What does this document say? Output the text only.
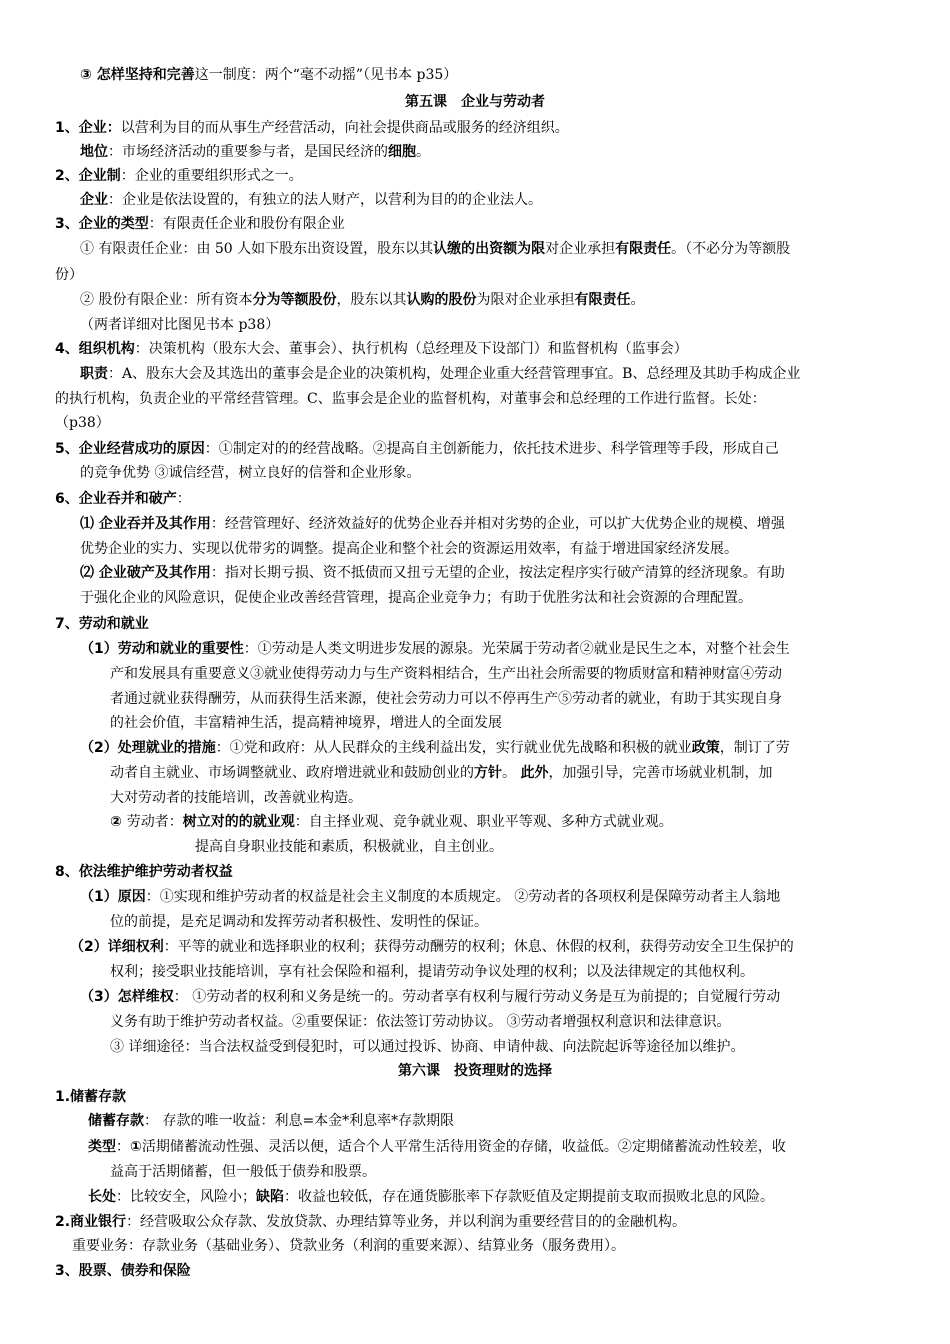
第五课　企业与劳动者
第六课　投资理财的选择
③ 怎样坚持和完善这一制度：两个“毫不动摇”（见书本 p35）
1、企业：以营利为目的而从事生产经营活动，向社会提供商品或服务的经济组织。
地位：市场经济活动的重要参与者，是国民经济的细胞。
2、企业制：企业的重要组织形式之一。
企业：企业是依法设置的，有独立的法人财产，以营利为目的的企业法人。
3、企业的类型：有限责任企业和股份有限企业
① 有限责任企业：由 50 人如下股东出资设置，股东以其认缴的出资额为限对企业承担有限责任。（不必分为等额股
份）
② 股份有限企业：所有资本分为等额股份，股东以其认购的股份为限对企业承担有限责任。
（两者详细对比图见书本 p38）
4、组织机构：决策机构（股东大会、董事会）、执行机构（总经理及下设部门）和监督机构（监事会）
职责：A、股东大会及其选出的董事会是企业的决策机构，处理企业重大经营管理事宜。B、总经理及其助手构成企业
的执行机构，负责企业的平常经营管理。C、监事会是企业的监督机构，对董事会和总经理的工作进行监督。长处：
（p38）
5、企业经营成功的原因：①制定对的的经营战略。②提高自主创新能力，依托技术进步、科学管理等手段，形成自己
的竞争优势 ③诚信经营，树立良好的信誉和企业形象。
6、企业吞并和破产：
⑴ 企业吞并及其作用：经营管理好、经济效益好的优势企业吞并相对劣势的企业，可以扩大优势企业的规模、增强
优势企业的实力、实现以优带劣的调整。提高企业和整个社会的资源运用效率，有益于增进国家经济发展。
⑵ 企业破产及其作用：指对长期亏损、资不抵债而又扭亏无望的企业，按法定程序实行破产清算的经济现象。有助
于强化企业的风险意识，促使企业改善经营管理，提高企业竞争力；有助于优胜劣汰和社会资源的合理配置。
7、劳动和就业
（1）劳动和就业的重要性：①劳动是人类文明进步发展的源泉。光荣属于劳动者②就业是民生之本，对整个社会生
产和发展具有重要意义③就业使得劳动力与生产资料相结合，生产出社会所需要的物质财富和精神财富④劳动
者通过就业获得酬劳，从而获得生活来源，使社会劳动力可以不停再生产⑤劳动者的就业，有助于其实现自身
的社会价值，丰富精神生活，提高精神境界，增进人的全面发展
（2）处理就业的措施：①党和政府：从人民群众的主线利益出发，实行就业优先战略和积极的就业政策，制订了劳
动者自主就业、市场调整就业、政府增进就业和鼓励创业的方针。 此外，加强引导，完善市场就业机制，加
大对劳动者的技能培训，改善就业构造。
② 劳动者：树立对的的就业观：自主择业观、竞争就业观、职业平等观、多种方式就业观。
提高自身职业技能和素质，积极就业，自主创业。
8、依法维护维护劳动者权益
（1）原因：①实现和维护劳动者的权益是社会主义制度的本质规定。 ②劳动者的各项权利是保障劳动者主人翁地
位的前提，是充足调动和发挥劳动者积极性、发明性的保证。
（2）详细权利：平等的就业和选择职业的权利；获得劳动酬劳的权利；休息、休假的权利，获得劳动安全卫生保护的
权利；接受职业技能培训，享有社会保险和福利，提请劳动争议处理的权利；以及法律规定的其他权利。
（3）怎样维权： ①劳动者的权利和义务是统一的。劳动者享有权利与履行劳动义务是互为前提的；自觉履行劳动
义务有助于维护劳动者权益。②重要保证：依法签订劳动协议。 ③劳动者增强权利意识和法律意识。
③ 详细途径：当合法权益受到侵犯时，可以通过投诉、协商、申请仲裁、向法院起诉等途径加以维护。
1.储蓄存款
储蓄存款： 存款的唯一收益：利息=本金*利息率*存款期限
类型：①活期储蓄流动性强、灵活以便，适合个人平常生活待用资金的存储，收益低。②定期储蓄流动性较差，收
益高于活期储蓄，但一般低于债券和股票。
长处：比较安全，风险小；缺陷：收益也较低，存在通货膨胀率下存款贬值及定期提前支取而损败北息的风险。
2.商业银行：经营吸取公众存款、发放贷款、办理结算等业务，并以利润为重要经营目的的金融机构。
重要业务：存款业务（基础业务）、贷款业务（利润的重要来源）、结算业务（服务费用）。
3、股票、债券和保险
